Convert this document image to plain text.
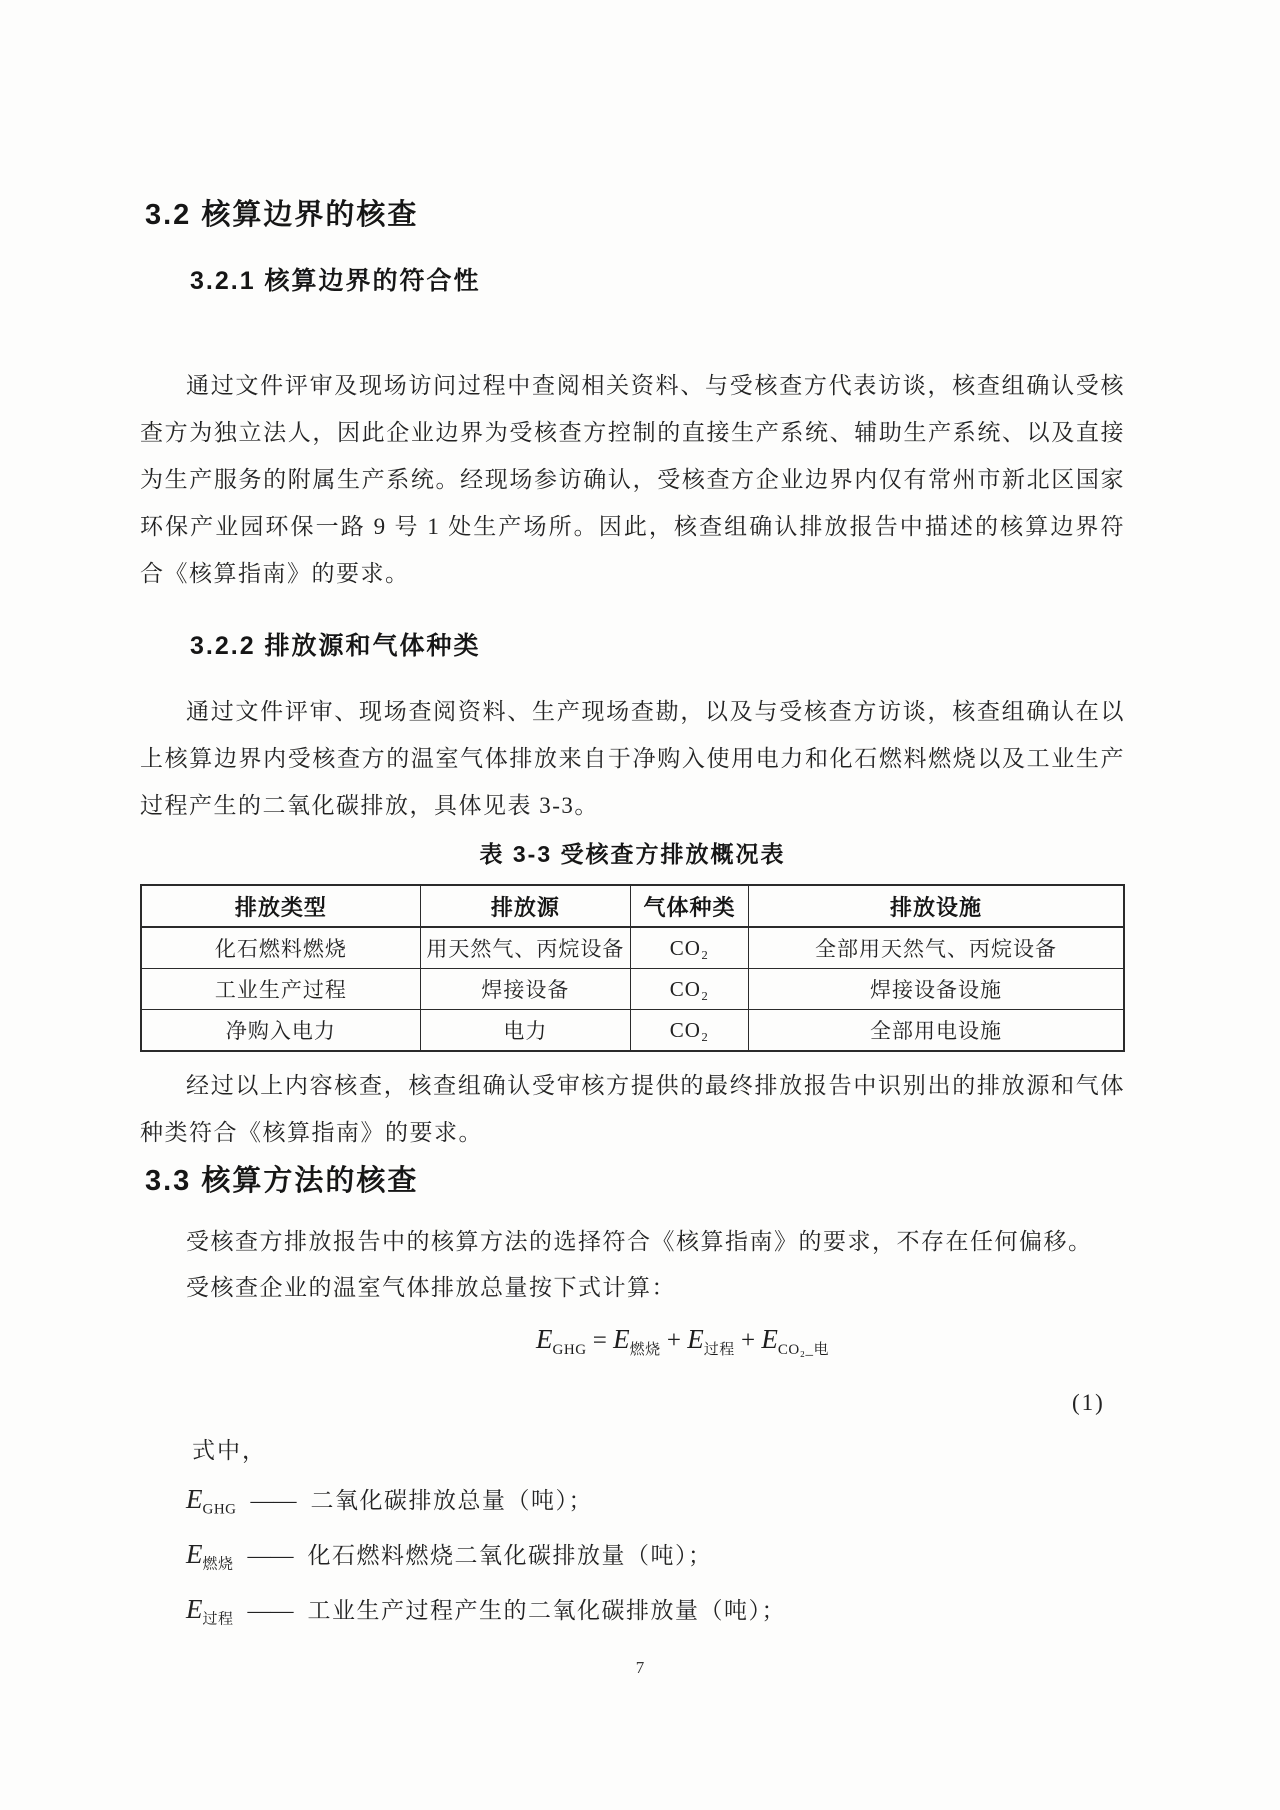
3.2 核算边界的核查
3.2.1 核算边界的符合性
通过文件评审及现场访问过程中查阅相关资料、与受核查方代表访谈，核查组确认受核查方为独立法人，因此企业边界为受核查方控制的直接生产系统、辅助生产系统、以及直接为生产服务的附属生产系统。经现场参访确认，受核查方企业边界内仅有常州市新北区国家环保产业园环保一路 9 号 1 处生产场所。因此，核查组确认排放报告中描述的核算边界符合《核算指南》的要求。
3.2.2 排放源和气体种类
通过文件评审、现场查阅资料、生产现场查勘，以及与受核查方访谈，核查组确认在以上核算边界内受核查方的温室气体排放来自于净购入使用电力和化石燃料燃烧以及工业生产过程产生的二氧化碳排放，具体见表 3-3。
表 3-3 受核查方排放概况表
排放类型	排放源	气体种类	排放设施
化石燃料燃烧	用天然气、丙烷设备	CO₂	全部用天然气、丙烷设备
工业生产过程	焊接设备	CO₂	焊接设备设施
净购入电力	电力	CO₂	全部用电设施
经过以上内容核查，核查组确认受审核方提供的最终排放报告中识别出的排放源和气体种类符合《核算指南》的要求。
3.3 核算方法的核查
受核查方排放报告中的核算方法的选择符合《核算指南》的要求，不存在任何偏移。
受核查企业的温室气体排放总量按下式计算：
$E_{GHG} = E_{燃烧} + E_{过程} + E_{CO_2\_电}$
(1)
式中，
$E_{GHG}$ —— 二氧化碳排放总量（吨）；
$E_{燃烧}$ —— 化石燃料燃烧二氧化碳排放量（吨）；
$E_{过程}$ —— 工业生产过程产生的二氧化碳排放量（吨）；
7
